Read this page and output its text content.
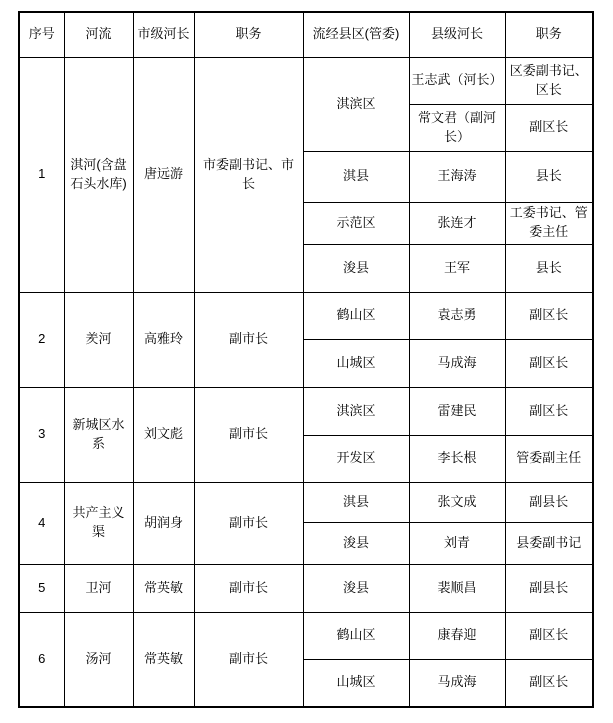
序号	河流	市级河长	职务	流经县区(管委)	县级河长	职务
1	淇河(含盘石头水库)	唐远游	市委副书记、市长	淇滨区	王志武（河长）	区委副书记、区长
					常文君（副河长）	副区长
				淇县	王海涛	县长
				示范区	张连才	工委书记、管委主任
				浚县	王军	县长
2	羑河	高雅玲	副市长	鹤山区	袁志勇	副区长
				山城区	马成海	副区长
3	新城区水系	刘文彪	副市长	淇滨区	雷建民	副区长
				开发区	李长根	管委副主任
4	共产主义渠	胡润身	副市长	淇县	张文成	副县长
				浚县	刘青	县委副书记
5	卫河	常英敏	副市长	浚县	裴顺昌	副县长
6	汤河	常英敏	副市长	鹤山区	康春迎	副区长
				山城区	马成海	副区长
